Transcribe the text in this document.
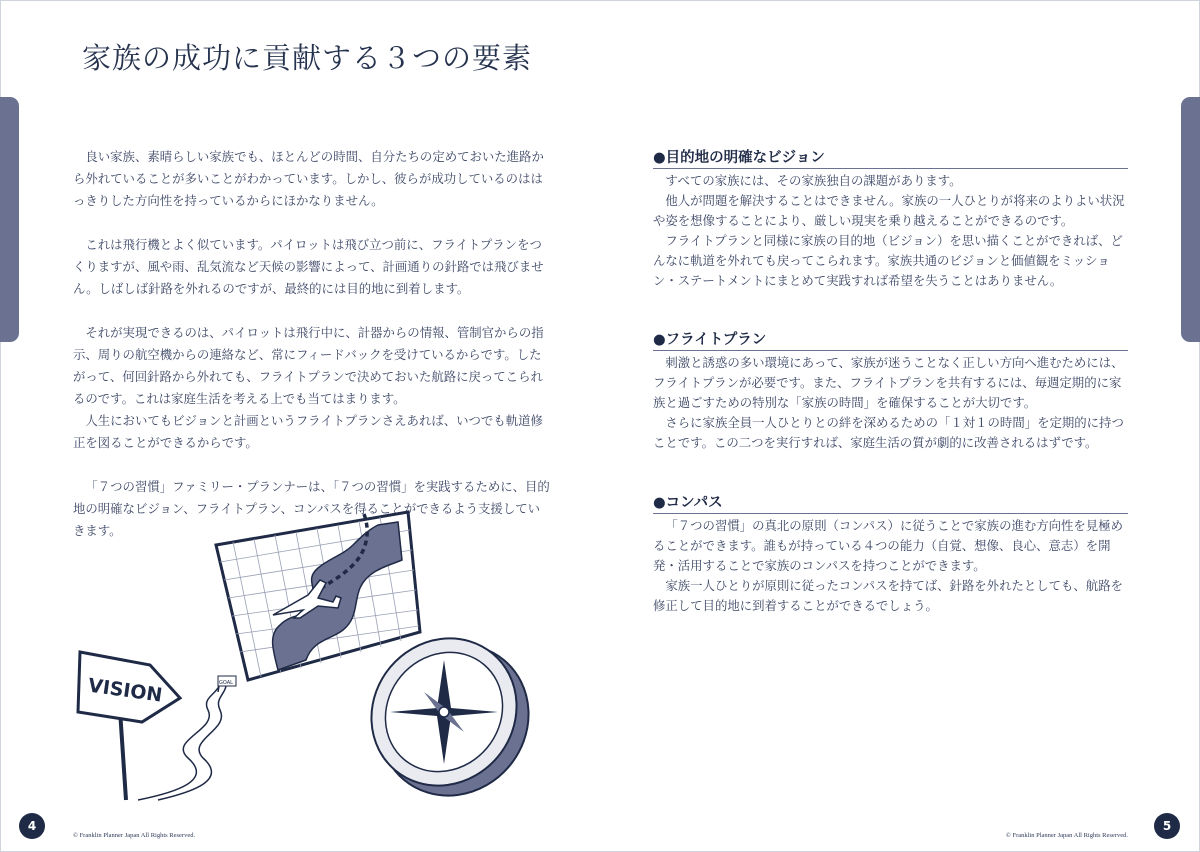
家族の成功に貢献する３つの要素

良い家族、素晴らしい家族でも、ほとんどの時間、自分たちの定めておいた進路から外れていることが多いことがわかっています。しかし、彼らが成功しているのははっきりした方向性を持っているからにほかなりません。

これは飛行機とよく似ています。パイロットは飛び立つ前に、フライトプランをつくりますが、風や雨、乱気流など天候の影響によって、計画通りの針路では飛びません。しばしば針路を外れるのですが、最終的には目的地に到着します。

それが実現できるのは、パイロットは飛行中に、計器からの情報、管制官からの指示、周りの航空機からの連絡など、常にフィードバックを受けているからです。したがって、何回針路から外れても、フライトプランで決めておいた航路に戻ってこられるのです。これは家庭生活を考える上でも当てはまります。

人生においてもビジョンと計画というフライトプランさえあれば、いつでも軌道修正を図ることができるからです。

「７つの習慣」ファミリー・プランナーは、「７つの習慣」を実践するために、目的地の明確なビジョン、フライトプラン、コンパスを得ることができるよう支援していきます。

●目的地の明確なビジョン

すべての家族には、その家族独自の課題があります。

他人が問題を解決することはできません。家族の一人ひとりが将来のよりよい状況や姿を想像することにより、厳しい現実を乗り越えることができるのです。

フライトプランと同様に家族の目的地（ビジョン）を思い描くことができれば、どんなに軌道を外れても戻ってこられます。家族共通のビジョンと価値観をミッション・ステートメントにまとめて実践すれば希望を失うことはありません。

●フライトプラン

刺激と誘惑の多い環境にあって、家族が迷うことなく正しい方向へ進むためには、フライトプランが必要です。また、フライトプランを共有するには、毎週定期的に家族と過ごすための特別な「家族の時間」を確保することが大切です。

さらに家族全員一人ひとりとの絆を深めるための「１対１の時間」を定期的に持つことです。この二つを実行すれば、家庭生活の質が劇的に改善されるはずです。

●コンパス

「７つの習慣」の真北の原則（コンパス）に従うことで家族の進む方向性を見極めることができます。誰もが持っている４つの能力（自覚、想像、良心、意志）を開発・活用することで家族のコンパスを持つことができます。

家族一人ひとりが原則に従ったコンパスを持てば、針路を外れたとしても、航路を修正して目的地に到着することができるでしょう。

VISION	GOAL
4
© Franklin Planner Japan All Rights Reserved.	© Franklin Planner Japan All Rights Reserved.
5
